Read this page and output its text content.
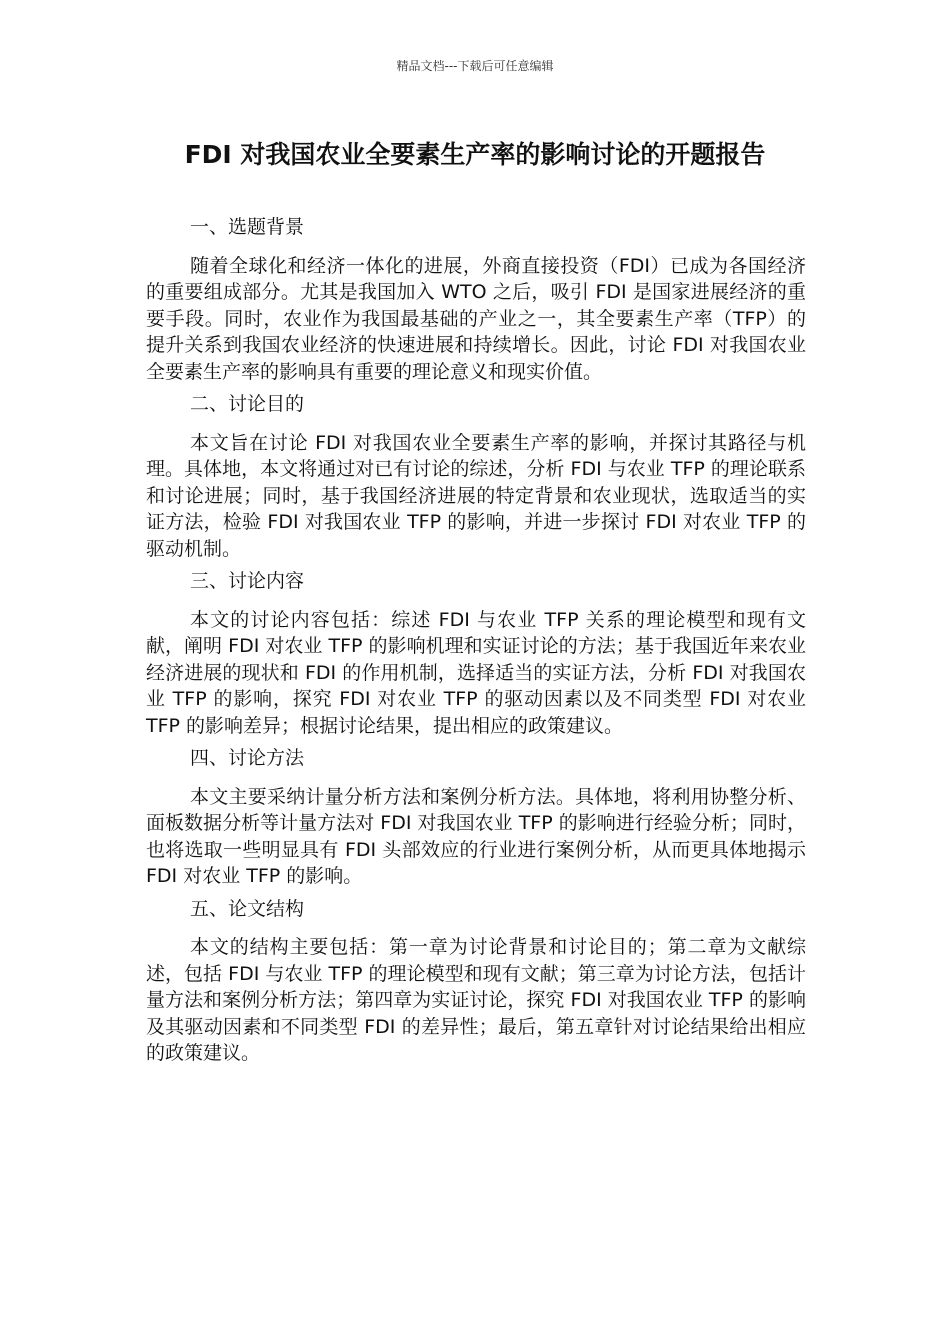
精品文档---下载后可任意编辑
FDI 对我国农业全要素生产率的影响讨论的开题报告

一、选题背景

随着全球化和经济一体化的进展，外商直接投资（FDI）已成为各国经济的重要组成部分。尤其是我国加入 WTO 之后，吸引 FDI 是国家进展经济的重要手段。同时，农业作为我国最基础的产业之一，其全要素生产率（TFP）的提升关系到我国农业经济的快速进展和持续增长。因此，讨论 FDI 对我国农业全要素生产率的影响具有重要的理论意义和现实价值。

二、讨论目的

本文旨在讨论 FDI 对我国农业全要素生产率的影响，并探讨其路径与机理。具体地，本文将通过对已有讨论的综述，分析 FDI 与农业 TFP 的理论联系和讨论进展；同时，基于我国经济进展的特定背景和农业现状，选取适当的实证方法，检验 FDI 对我国农业 TFP 的影响，并进一步探讨 FDI 对农业 TFP 的驱动机制。

三、讨论内容

本文的讨论内容包括：综述 FDI 与农业 TFP 关系的理论模型和现有文献，阐明 FDI 对农业 TFP 的影响机理和实证讨论的方法；基于我国近年来农业经济进展的现状和 FDI 的作用机制，选择适当的实证方法，分析 FDI 对我国农业 TFP 的影响，探究 FDI 对农业 TFP 的驱动因素以及不同类型 FDI 对农业 TFP 的影响差异；根据讨论结果，提出相应的政策建议。

四、讨论方法

本文主要采纳计量分析方法和案例分析方法。具体地，将利用协整分析、面板数据分析等计量方法对 FDI 对我国农业 TFP 的影响进行经验分析；同时，也将选取一些明显具有 FDI 头部效应的行业进行案例分析，从而更具体地揭示 FDI 对农业 TFP 的影响。

五、论文结构

本文的结构主要包括：第一章为讨论背景和讨论目的；第二章为文献综述，包括 FDI 与农业 TFP 的理论模型和现有文献；第三章为讨论方法，包括计量方法和案例分析方法；第四章为实证讨论，探究 FDI 对我国农业 TFP 的影响及其驱动因素和不同类型 FDI 的差异性；最后，第五章针对讨论结果给出相应的政策建议。
